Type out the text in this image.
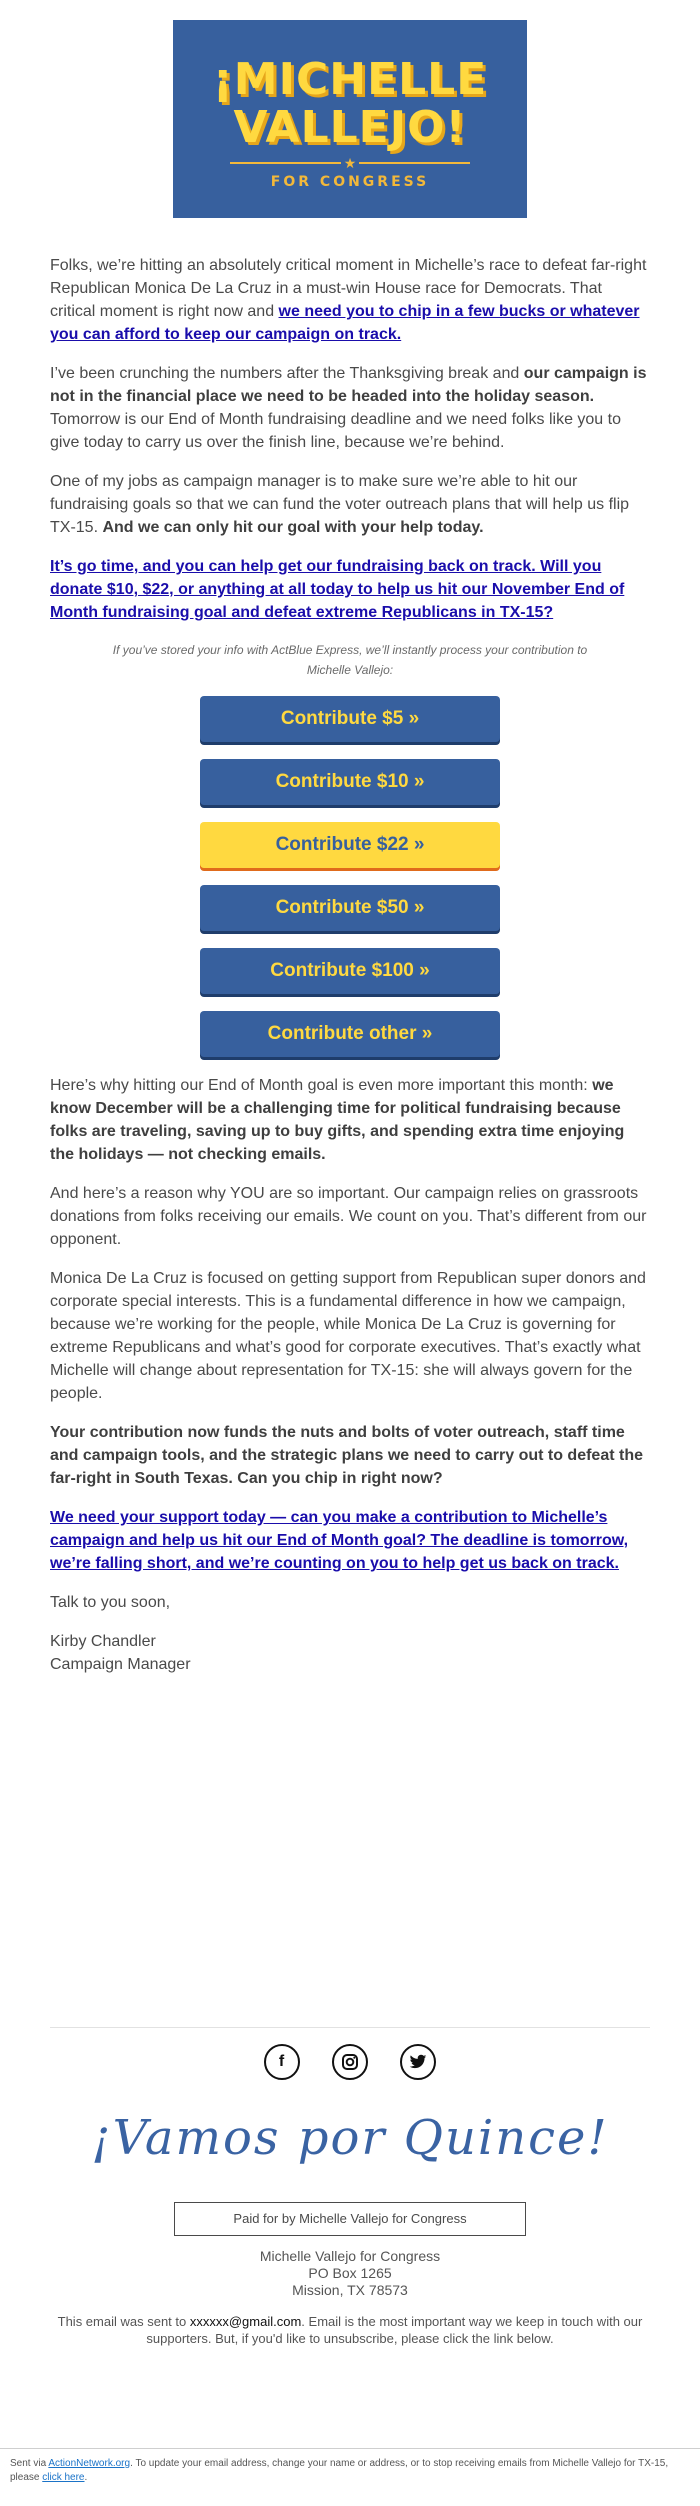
¡MICHELLE
VALLEJO!
★
FOR CONGRESS

Folks, we’re hitting an absolutely critical moment in Michelle’s race to defeat far-right Republican Monica De La Cruz in a must-win House race for Democrats. That critical moment is right now and we need you to chip in a few bucks or whatever you can afford to keep our campaign on track.

I’ve been crunching the numbers after the Thanksgiving break and our campaign is not in the financial place we need to be headed into the holiday season. Tomorrow is our End of Month fundraising deadline and we need folks like you to give today to carry us over the finish line, because we’re behind.

One of my jobs as campaign manager is to make sure we’re able to hit our fundraising goals so that we can fund the voter outreach plans that will help us flip TX-15. And we can only hit our goal with your help today.

It’s go time, and you can help get our fundraising back on track. Will you donate $10, $22, or anything at all today to help us hit our November End of Month fundraising goal and defeat extreme Republicans in TX-15?

If you’ve stored your info with ActBlue Express, we’ll instantly process your contribution to Michelle Vallejo:

Contribute $5 »
Contribute $10 »
Contribute $22 »
Contribute $50 »
Contribute $100 »
Contribute other »

Here’s why hitting our End of Month goal is even more important this month: we know December will be a challenging time for political fundraising because folks are traveling, saving up to buy gifts, and spending extra time enjoying the holidays — not checking emails.

And here’s a reason why YOU are so important. Our campaign relies on grassroots donations from folks receiving our emails. We count on you. That’s different from our opponent.

Monica De La Cruz is focused on getting support from Republican super donors and corporate special interests. This is a fundamental difference in how we campaign, because we’re working for the people, while Monica De La Cruz is governing for extreme Republicans and what’s good for corporate executives. That’s exactly what Michelle will change about representation for TX-15: she will always govern for the people.

Your contribution now funds the nuts and bolts of voter outreach, staff time and campaign tools, and the strategic plans we need to carry out to defeat the far-right in South Texas. Can you chip in right now?

We need your support today — can you make a contribution to Michelle’s campaign and help us hit our End of Month goal? The deadline is tomorrow, we’re falling short, and we’re counting on you to help get us back on track.

Talk to you soon,

Kirby Chandler
Campaign Manager

f
¡Vamos por Quince!
Paid for by Michelle Vallejo for Congress
Michelle Vallejo for Congress
PO Box 1265
Mission, TX 78573
This email was sent to xxxxxx@gmail.com. Email is the most important way we keep in touch with our supporters. But, if you'd like to unsubscribe, please click the link below.
Sent via ActionNetwork.org. To update your email address, change your name or address, or to stop receiving emails from Michelle Vallejo for TX-15, please click here.
